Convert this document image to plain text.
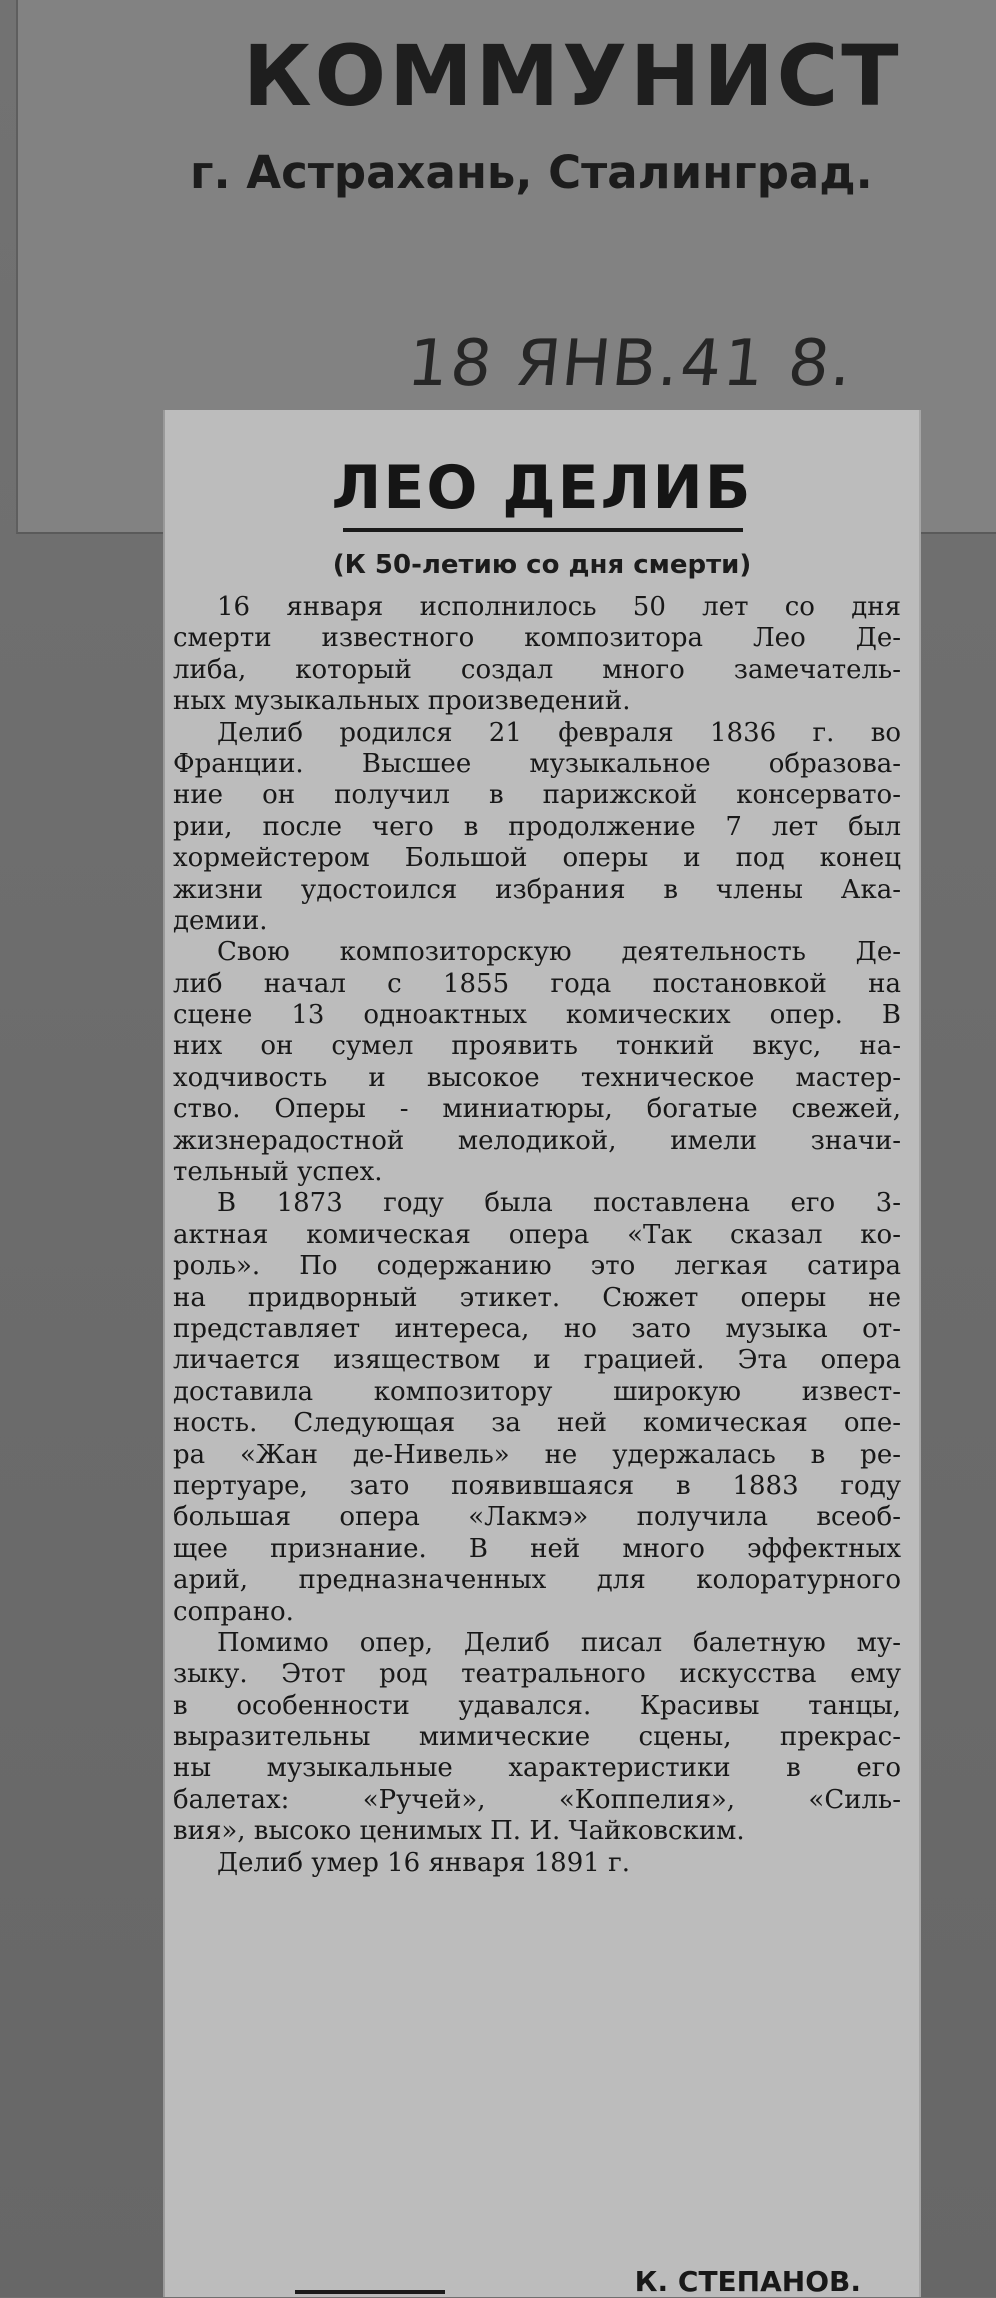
КОММУНИСТ
г. Астрахань, Сталинград.
18 ЯНВ.41 8.
ЛЕО ДЕЛИБ
(К 50-летию со дня смерти)
16 января исполнилось 50 лет со дня
смерти известного композитора Лео Де-
либа, который создал много замечатель-
ных музыкальных произведений.
Делиб родился 21 февраля 1836 г. во
Франции. Высшее музыкальное образова-
ние он получил в парижской консервато-
рии, после чего в продолжение 7 лет был
хормейстером Большой оперы и под конец
жизни удостоился избрания в члены Ака-
демии.
Свою композиторскую деятельность Де-
либ начал с 1855 года постановкой на
сцене 13 одноактных комических опер. В
них он сумел проявить тонкий вкус, на-
ходчивость и высокое техническое мастер-
ство. Оперы - миниатюры, богатые свежей,
жизнерадостной мелодикой, имели значи-
тельный успех.
В 1873 году была поставлена его 3-
актная комическая опера «Так сказал ко-
роль». По содержанию это легкая сатира
на придворный этикет. Сюжет оперы не
представляет интереса, но зато музыка от-
личается изяществом и грацией. Эта опера
доставила композитору широкую извест-
ность. Следующая за ней комическая опе-
ра «Жан де-Нивель» не удержалась в ре-
пертуаре, зато появившаяся в 1883 году
большая опера «Лакмэ» получила всеоб-
щее признание. В ней много эффектных
арий, предназначенных для колоратурного
сопрано.
Помимо опер, Делиб писал балетную му-
зыку. Этот род театрального искусства ему
в особенности удавался. Красивы танцы,
выразительны мимические сцены, прекрас-
ны музыкальные характеристики в его
балетах: «Ручей», «Коппелия», «Силь-
вия», высоко ценимых П. И. Чайковским.
Делиб умер 16 января 1891 г.
К. СТЕПАНОВ.
